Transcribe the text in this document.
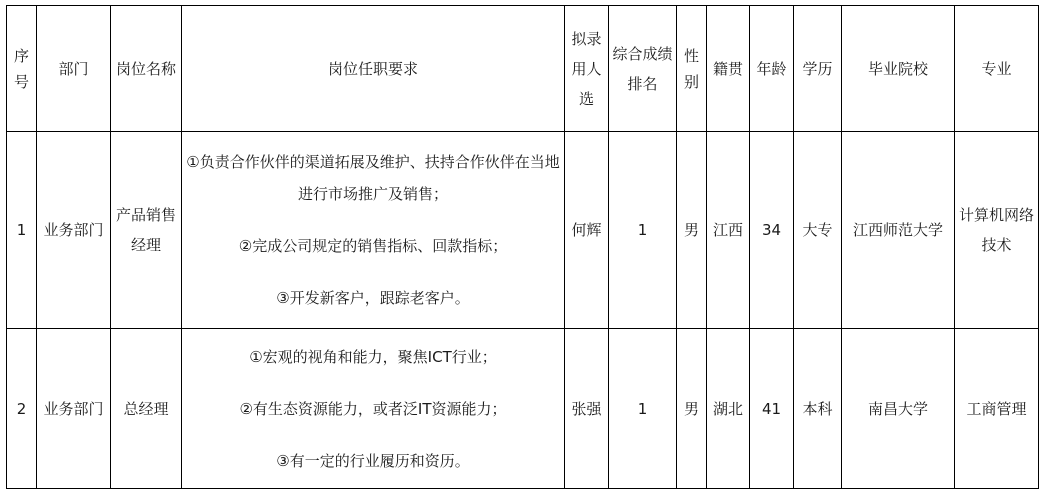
序号	部门	岗位名称	岗位任职要求	拟录用人选	综合成绩排名	性别	籍贯	年龄	学历	毕业院校	专业
1	业务部门	产品销售经理	①负责合作伙伴的渠道拓展及维护、扶持合作伙伴在当地进行市场推广及销售；

②完成公司规定的销售指标、回款指标；

③开发新客户，跟踪老客户。	何辉	1	男	江西	34	大专	江西师范大学	计算机网络技术
2	业务部门	总经理	①宏观的视角和能力，聚焦ICT行业；

②有生态资源能力，或者泛IT资源能力；

③有一定的行业履历和资历。	张强	1	男	湖北	41	本科	南昌大学	工商管理
